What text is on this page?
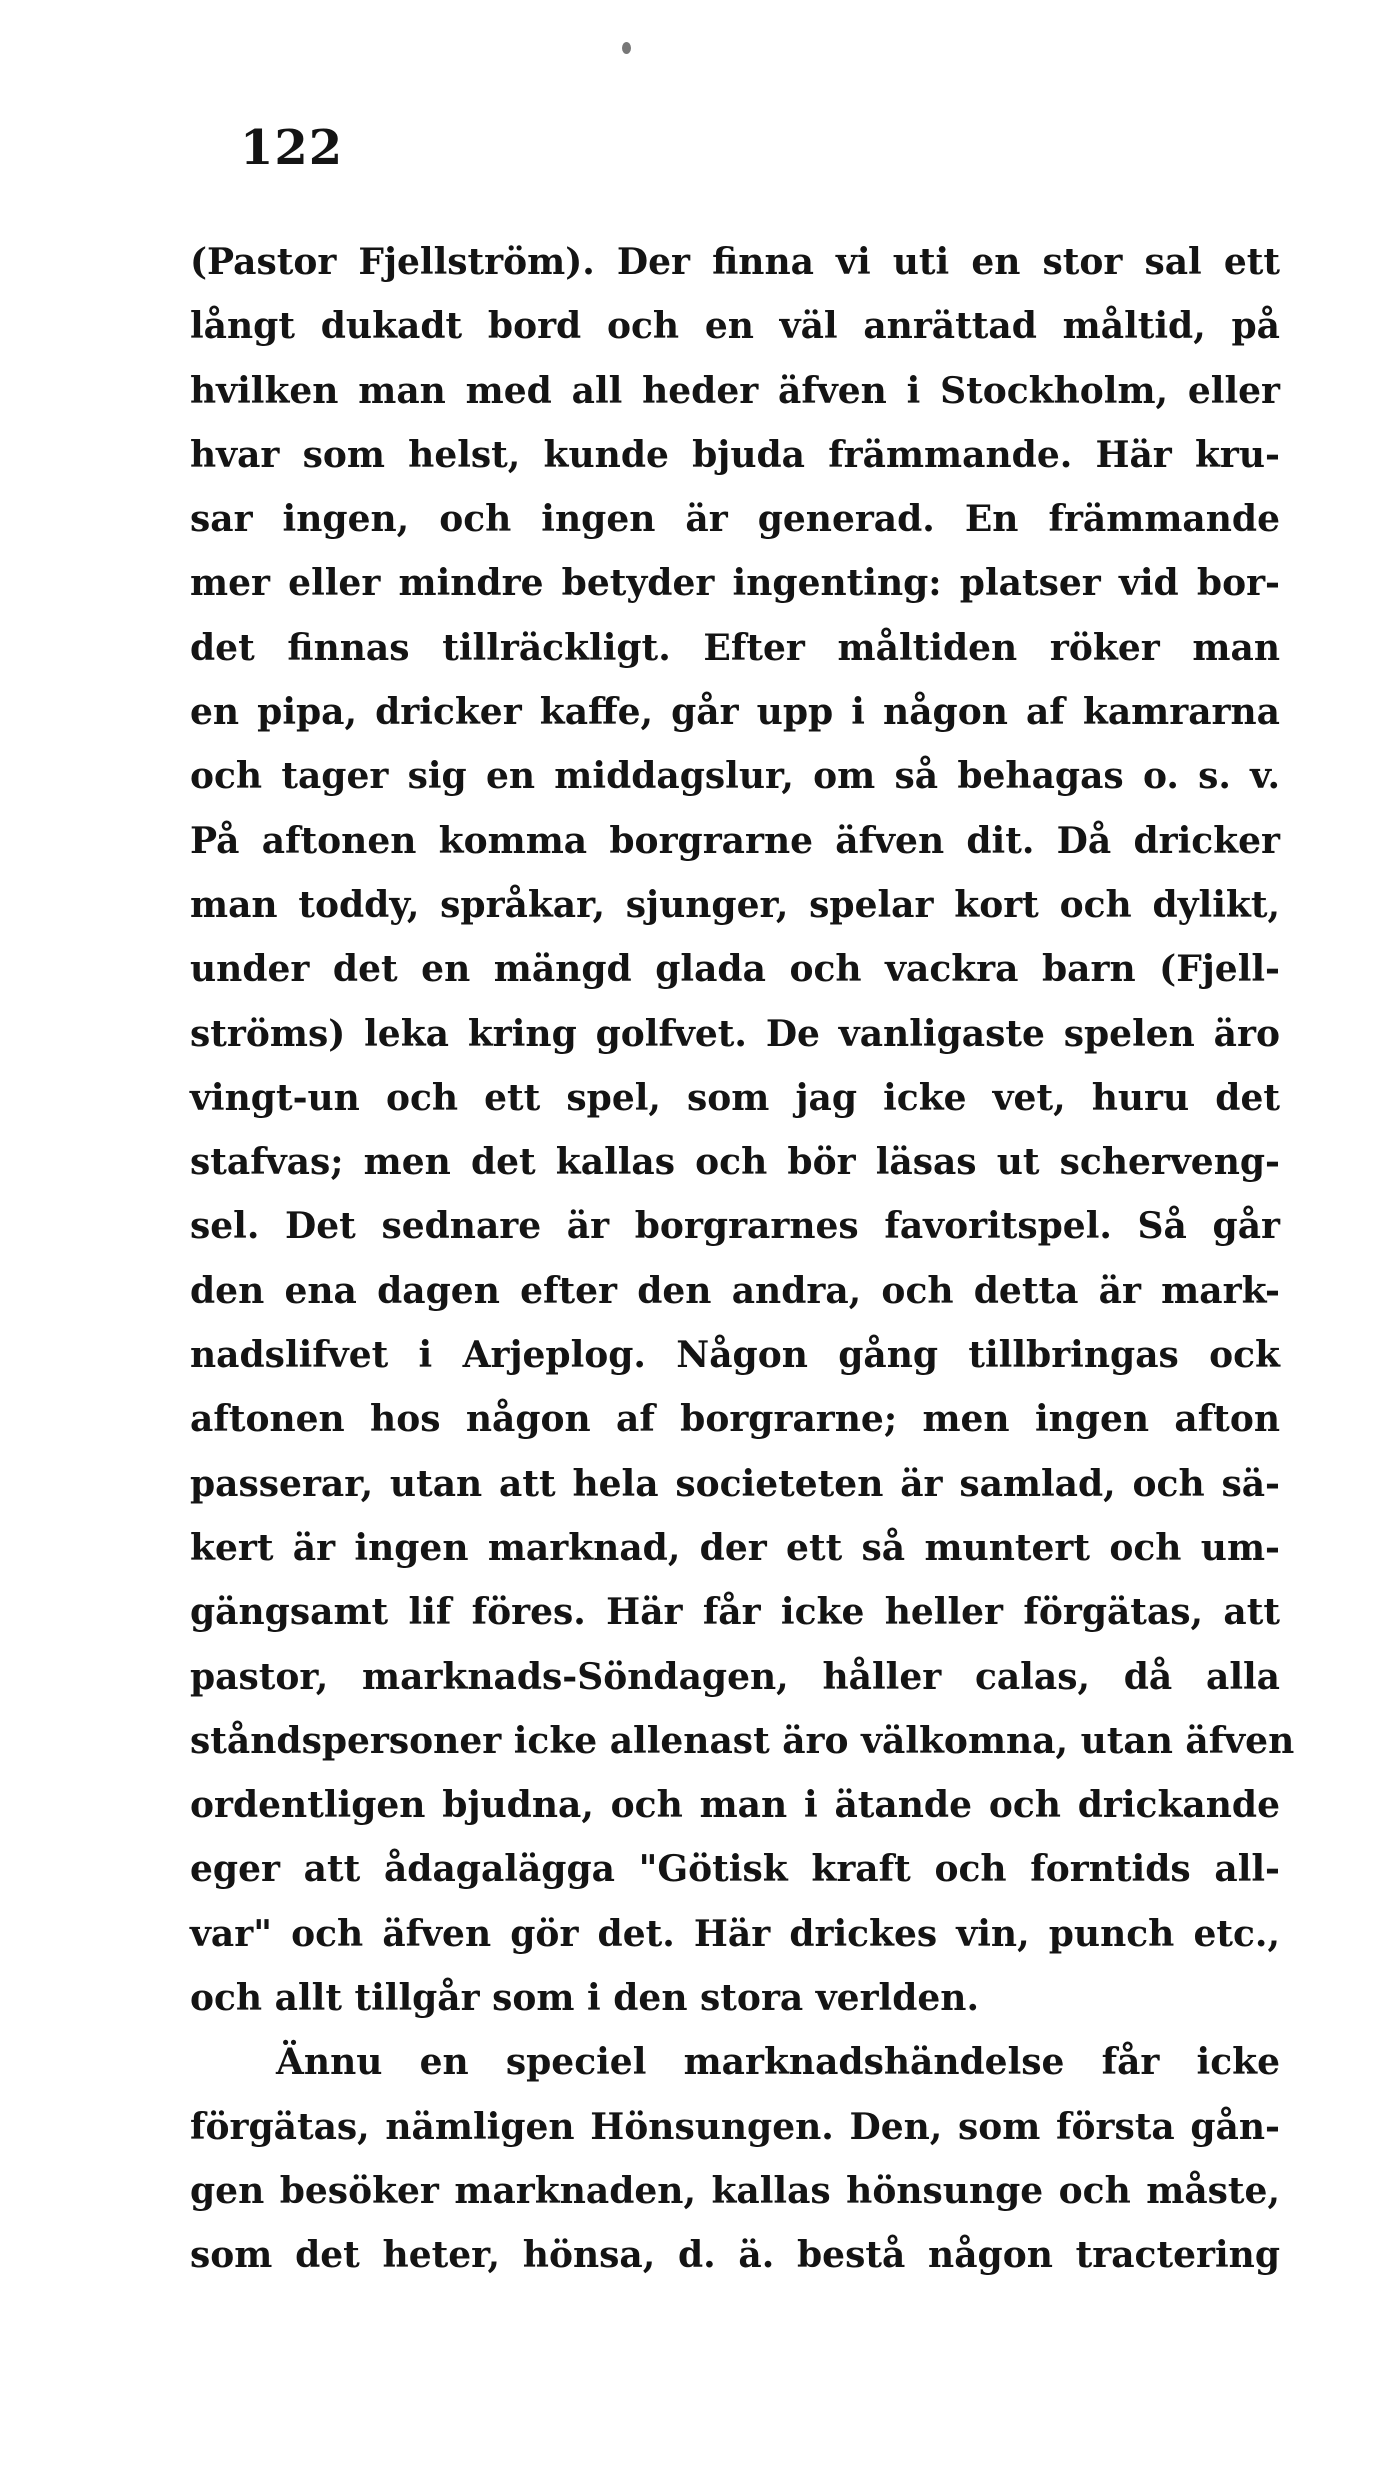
122
(Pastor Fjellström). Der finna vi uti en stor sal ett
långt dukadt bord och en väl anrättad måltid, på
hvilken man med all heder äfven i Stockholm, eller
hvar som helst, kunde bjuda främmande. Här kru-
sar ingen, och ingen är generad. En främmande
mer eller mindre betyder ingenting: platser vid bor-
det finnas tillräckligt. Efter måltiden röker man
en pipa, dricker kaffe, går upp i någon af kamrarna
och tager sig en middagslur, om så behagas o. s. v.
På aftonen komma borgrarne äfven dit. Då dricker
man toddy, språkar, sjunger, spelar kort och dylikt,
under det en mängd glada och vackra barn (Fjell-
ströms) leka kring golfvet. De vanligaste spelen äro
vingt-un och ett spel, som jag icke vet, huru det
stafvas; men det kallas och bör läsas ut scherveng-
sel. Det sednare är borgrarnes favoritspel. Så går
den ena dagen efter den andra, och detta är mark-
nadslifvet i Arjeplog. Någon gång tillbringas ock
aftonen hos någon af borgrarne; men ingen afton
passerar, utan att hela societeten är samlad, och sä-
kert är ingen marknad, der ett så muntert och um-
gängsamt lif föres. Här får icke heller förgätas, att
pastor, marknads-Söndagen, håller calas, då alla
ståndspersoner icke allenast äro välkomna, utan äfven
ordentligen bjudna, och man i ätande och drickande
eger att ådagalägga "Götisk kraft och forntids all-
var" och äfven gör det. Här drickes vin, punch etc.,
och allt tillgår som i den stora verlden.
Ännu en speciel marknadshändelse får icke
förgätas, nämligen Hönsungen. Den, som första gån-
gen besöker marknaden, kallas hönsunge och måste,
som det heter, hönsa, d. ä. bestå någon tractering
